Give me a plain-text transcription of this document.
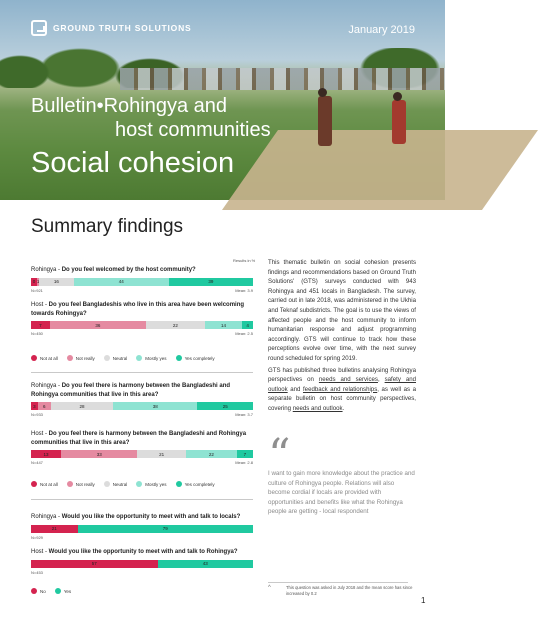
GROUND TRUTH SOLUTIONS	January 2019
Bulletin•Rohingya and
host communities
Social cohesion
Summary findings
Results in %
Rohingya - Do you feel welcomed by the host community?
0 1	16	44	39
N=921	Mean: 3.9
Host - Do you feel Bangladeshis who live in this area have been welcoming towards Rohingya?
7	36	22	14	4
N=450	Mean: 2.5
Not at all	Not really	Neutral	Mostly yes	Yes completely
Rohingya - Do you feel there is harmony between the Bangladeshi and Rohingya communities that live in this area?
3	6	28	38	25
N=933	Mean: 3.7
Host - Do you feel there is harmony between the Bangladeshi and Rohingya communities that live in this area?
13	33	21	22	7
N=447	Mean: 2.8
Not at all	Not really	Neutral	Mostly yes	Yes completely
Rohingya - Would you like the opportunity to meet with and talk to locals?
21	79
N=929
Host - Would you like the opportunity to meet with and talk to Rohingya?
57	43
N=453
No	Yes

This thematic bulletin on social cohesion presents findings and recommendations based on Ground Truth Solutions' (GTS) surveys conducted with 943 Rohingya and 451 locals in Bangladesh. The survey, carried out in late 2018, was administered in the Ukhia and Teknaf subdistricts. The goal is to use the views of affected people and the host community to inform humanitarian response and adjust programming accordingly. GTS will continue to track how these perceptions evolve over time, with the next survey round scheduled for spring 2019.

GTS has published three bulletins analysing Rohingya perspectives on needs and services, safety and outlook and feedback and relationships, as well as a separate bulletin on host community perspectives, covering needs and outlook.

“
I want to gain more knowledge about the practice and culture of Rohingya people. Relations will also become cordial if locals are provided with opportunities and benefits like what the Rohingya people are getting - local respondent
^	This question was asked in July 2018 and the mean score has since increased by 0.2
1
